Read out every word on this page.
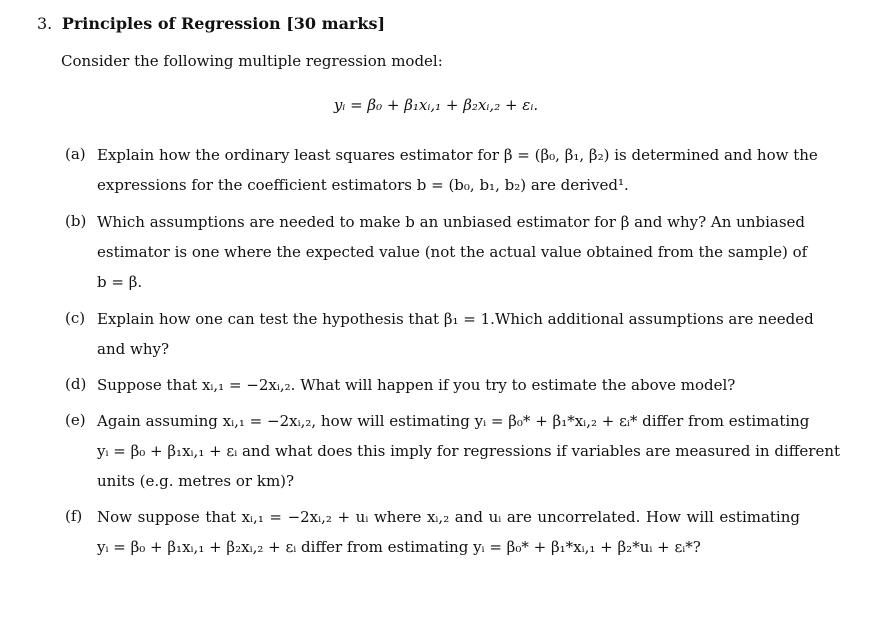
3. Principles of Regression [30 marks]
Consider the following multiple regression model:
yᵢ = β₀ + β₁xᵢ,₁ + β₂xᵢ,₂ + εᵢ.
(a) Explain how the ordinary least squares estimator for β = (β₀, β₁, β₂) is determined and how the
expressions for the coefficient estimators b = (b₀, b₁, b₂) are derived¹.
(b) Which assumptions are needed to make b an unbiased estimator for β and why? An unbiased
estimator is one where the expected value (not the actual value obtained from the sample) of
b = β.
(c) Explain how one can test the hypothesis that β₁ = 1.Which additional assumptions are needed
and why?
(d) Suppose that xᵢ,₁ = −2xᵢ,₂. What will happen if you try to estimate the above model?
(e) Again assuming xᵢ,₁ = −2xᵢ,₂, how will estimating yᵢ = β₀* + β₁*xᵢ,₂ + εᵢ* differ from estimating
yᵢ = β₀ + β₁xᵢ,₁ + εᵢ and what does this imply for regressions if variables are measured in different
units (e.g. metres or km)?
(f) Now suppose that xᵢ,₁ = −2xᵢ,₂ + uᵢ where xᵢ,₂ and uᵢ are uncorrelated. How will estimating
yᵢ = β₀ + β₁xᵢ,₁ + β₂xᵢ,₂ + εᵢ differ from estimating yᵢ = β₀* + β₁*xᵢ,₁ + β₂*uᵢ + εᵢ*?
